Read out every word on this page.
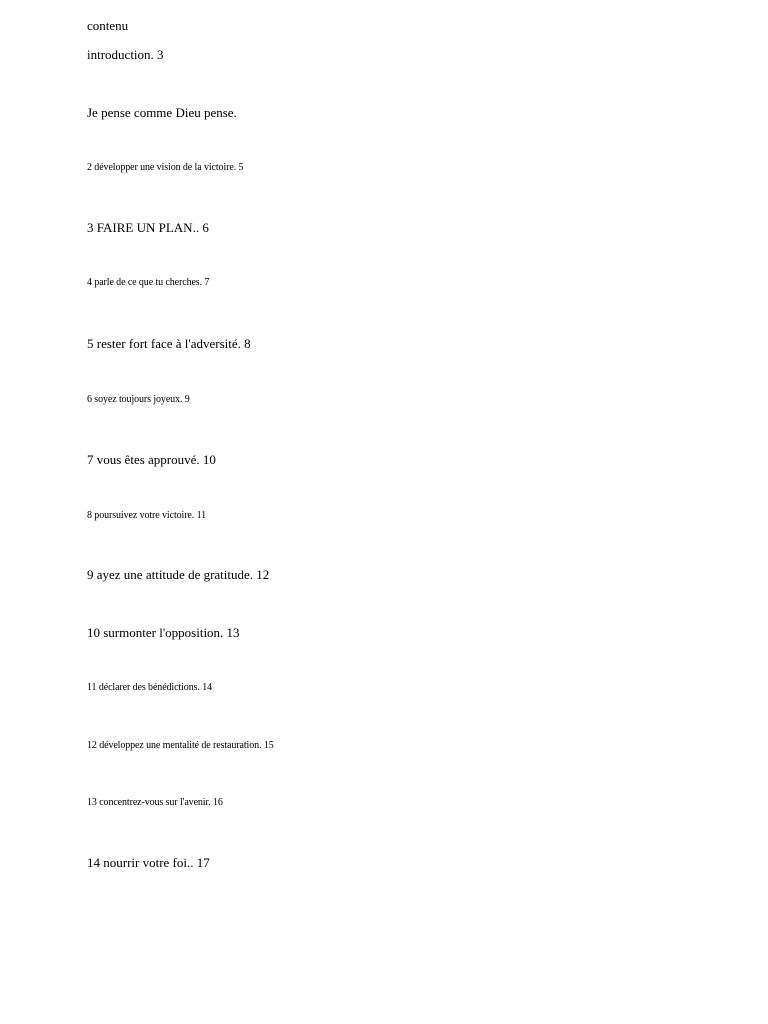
contenu
introduction. 3
Je pense comme Dieu pense.
2 développer une vision de la victoire. 5
3 FAIRE UN PLAN.. 6
4 parle de ce que tu cherches. 7
5 rester fort face à l'adversité. 8
6 soyez toujours joyeux. 9
7 vous êtes approuvé. 10
8 poursuivez votre victoire. 11
9 ayez une attitude de gratitude. 12
10 surmonter l'opposition. 13
11 déclarer des bénédictions. 14
12 développez une mentalité de restauration. 15
13 concentrez-vous sur l'avenir. 16
14 nourrir votre foi.. 17
